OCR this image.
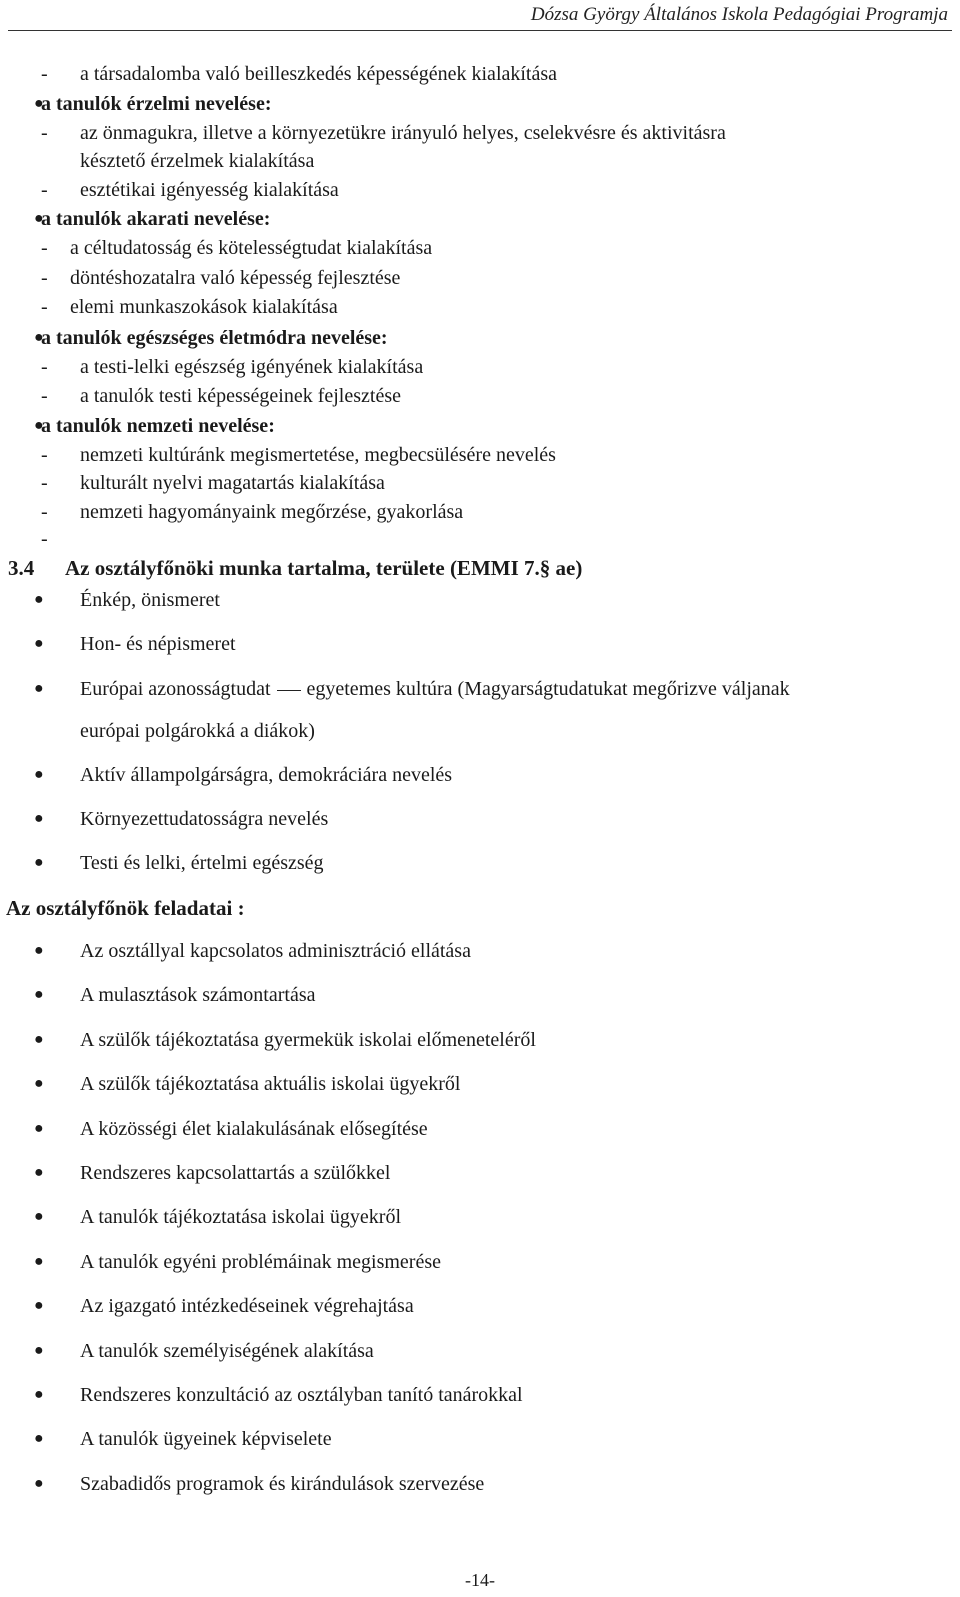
Dózsa György Általános Iskola Pedagógiai Programja
- a társadalomba való beilleszkedés képességének kialakítása
●
a tanulók érzelmi nevelése:
- az önmagukra, illetve a környezetükre irányuló helyes, cselekvésre és aktivitásra
késztető érzelmek kialakítása
- esztétikai igényesség kialakítása
●
a tanulók akarati nevelése:
- a céltudatosság és kötelességtudat kialakítása
- döntéshozatalra való képesség fejlesztése
- elemi munkaszokások kialakítása
●
a tanulók egészséges életmódra nevelése:
- a testi-lelki egészség igényének kialakítása
- a tanulók testi képességeinek fejlesztése
●
a tanulók nemzeti nevelése:
- nemzeti kultúránk megismertetése, megbecsülésére nevelés
- kulturált nyelvi magatartás kialakítása
- nemzeti hagyományaink megőrzése, gyakorlása
-
3.4 Az osztályfőnöki munka tartalma, területe (EMMI 7.§ ae)
● Énkép, önismeret
● Hon- és népismeret
● Európai azonosságtudat egyetemes kultúra (Magyarságtudatukat megőrizve váljanak
európai polgárokká a diákok)
● Aktív állampolgárságra, demokráciára nevelés
● Környezettudatosságra nevelés
● Testi és lelki, értelmi egészség
Az osztályfőnök feladatai :
● Az osztállyal kapcsolatos adminisztráció ellátása
● A mulasztások számontartása
● A szülők tájékoztatása gyermekük iskolai előmeneteléről
● A szülők tájékoztatása aktuális iskolai ügyekről
● A közösségi élet kialakulásának elősegítése
● Rendszeres kapcsolattartás a szülőkkel
● A tanulók tájékoztatása iskolai ügyekről
● A tanulók egyéni problémáinak megismerése
● Az igazgató intézkedéseinek végrehajtása
● A tanulók személyiségének alakítása
● Rendszeres konzultáció az osztályban tanító tanárokkal
● A tanulók ügyeinek képviselete
● Szabadidős programok és kirándulások szervezése
-14-
